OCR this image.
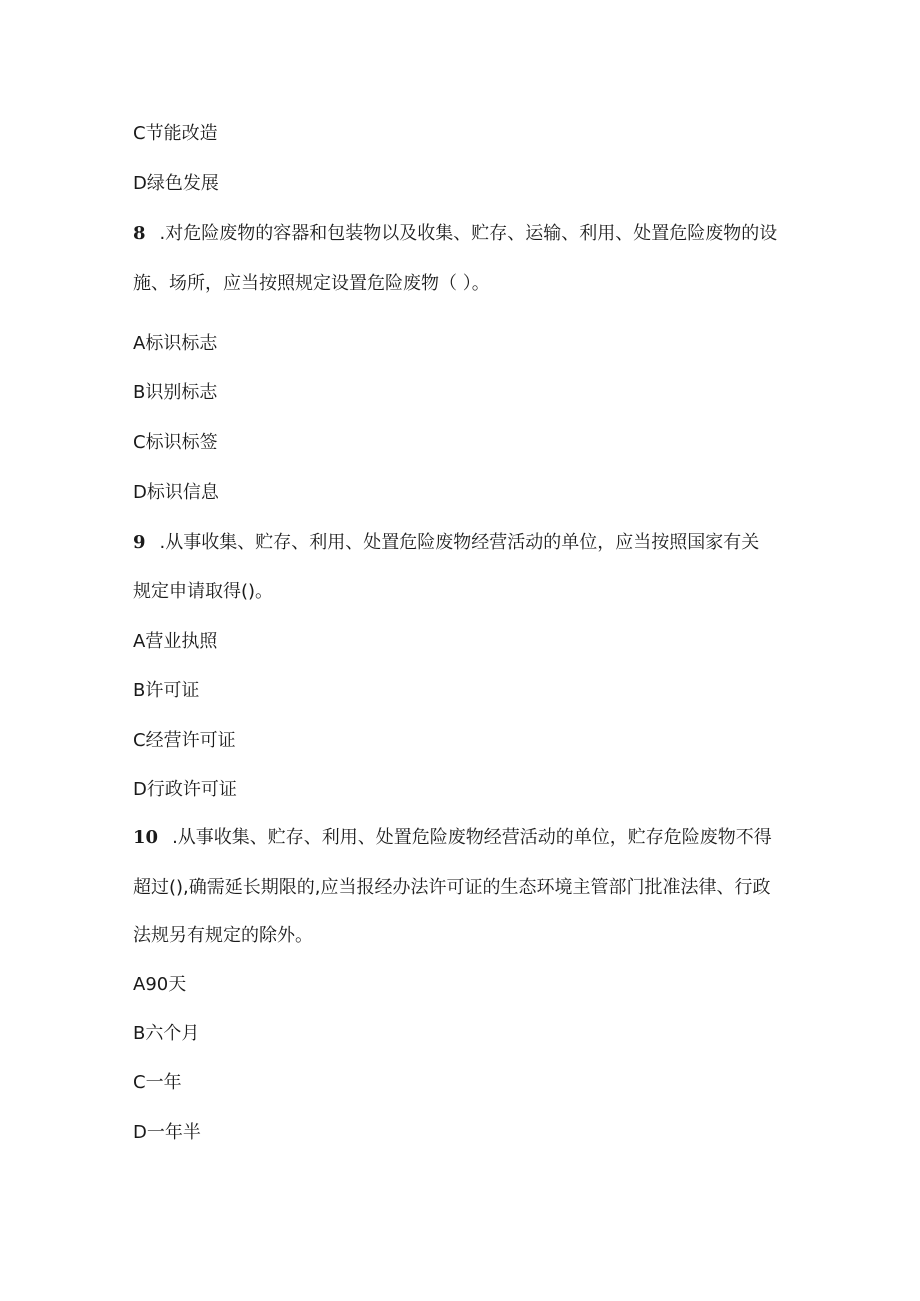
C节能改造
D绿色发展
8 .对危险废物的容器和包装物以及收集、贮存、运输、利用、处置危险废物的设
施、场所，应当按照规定设置危险废物（ ）。
A标识标志
B识别标志
C标识标签
D标识信息
9 .从事收集、贮存、利用、处置危险废物经营活动的单位，应当按照国家有关
规定申请取得()。
A营业执照
B许可证
C经营许可证
D行政许可证
10 .从事收集、贮存、利用、处置危险废物经营活动的单位，贮存危险废物不得
超过(),确需延长期限的,应当报经办法许可证的生态环境主管部门批准法律、行政
法规另有规定的除外。
A90天
B六个月
C一年
D一年半
